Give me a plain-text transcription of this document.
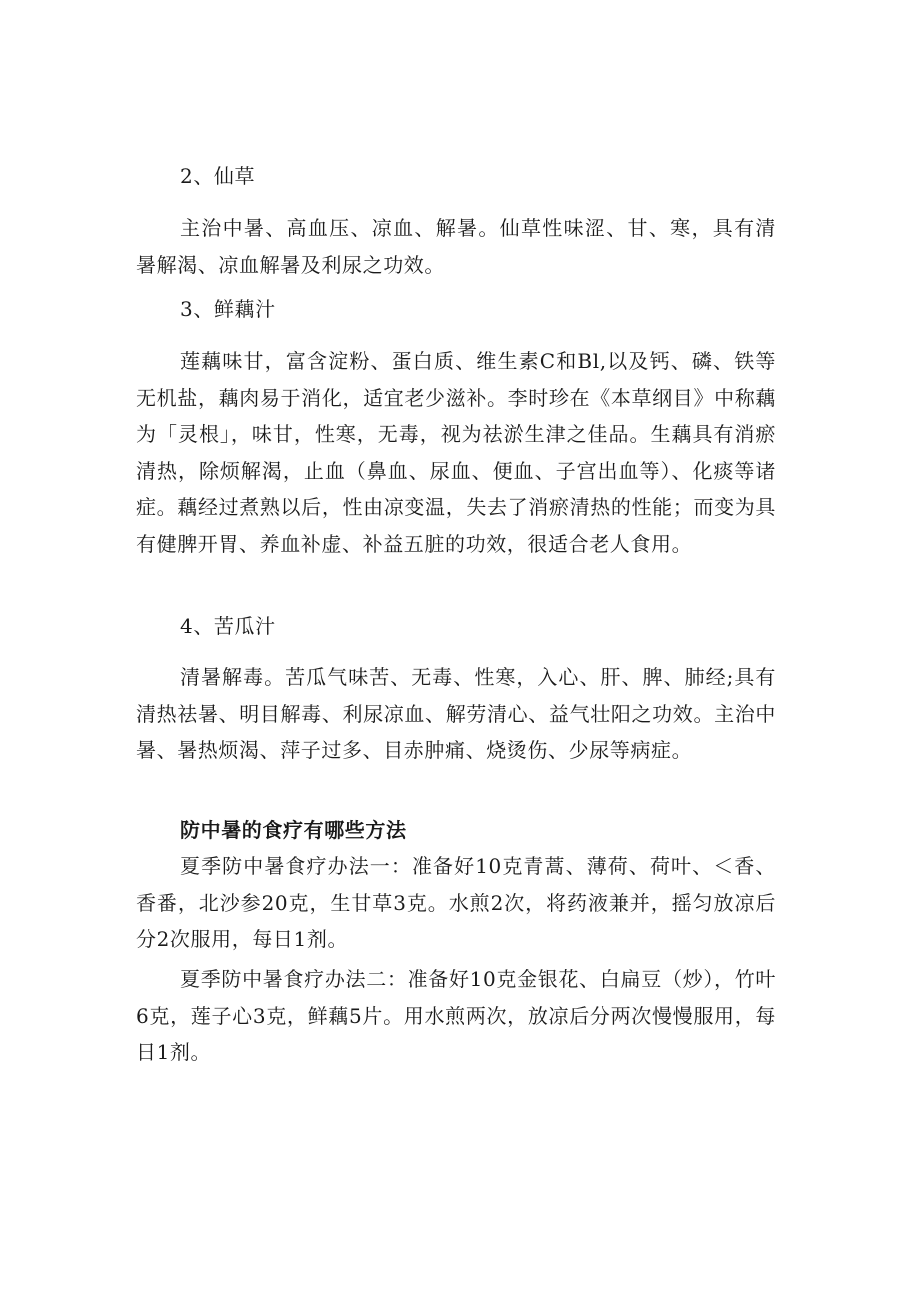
2、仙草

主治中暑、高血压、凉血、解暑。仙草性味涩、甘、寒，具有清暑解渴、凉血解暑及利尿之功效。

3、鲜藕汁

莲藕味甘，富含淀粉、蛋白质、维生素C和Bl,以及钙、磷、铁等无机盐，藕肉易于消化，适宜老少滋补。李时珍在《本草纲目》中称藕为「灵根」，味甘，性寒，无毒，视为祛淤生津之佳品。生藕具有消瘀清热，除烦解渴，止血（鼻血、尿血、便血、子宫出血等）、化痰等诸症。藕经过煮熟以后，性由凉变温，失去了消瘀清热的性能；而变为具有健脾开胃、养血补虚、补益五脏的功效，很适合老人食用。

4、苦瓜汁

清暑解毒。苦瓜气味苦、无毒、性寒，入心、肝、脾、肺经;具有清热祛暑、明目解毒、利尿凉血、解劳清心、益气壮阳之功效。主治中暑、暑热烦渴、萍子过多、目赤肿痛、烧烫伤、少尿等病症。

防中暑的食疗有哪些方法

夏季防中暑食疗办法一：准备好10克青蒿、薄荷、荷叶、＜香、香番，北沙参20克，生甘草3克。水煎2次，将药液兼并，摇匀放凉后分2次服用，每日1剂。

夏季防中暑食疗办法二：准备好10克金银花、白扁豆（炒），竹叶6克，莲子心3克，鲜藕5片。用水煎两次，放凉后分两次慢慢服用，每日1剂。
